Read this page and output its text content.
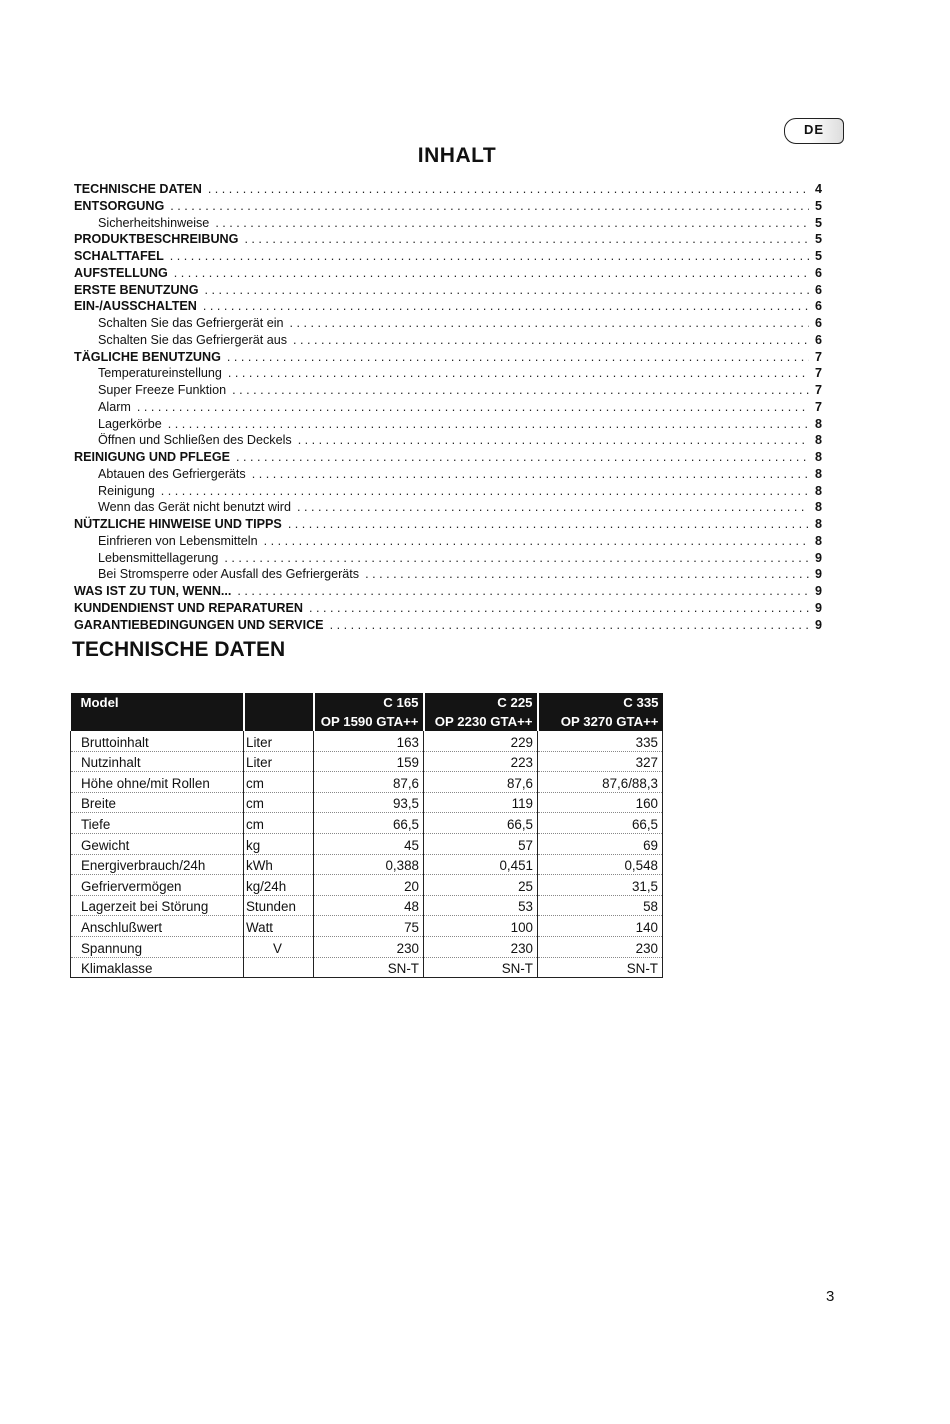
DE
INHALT
TECHNISCHE DATEN . . .	4
ENTSORGUNG . . .	5
Sicherheitshinweise . . .	5
PRODUKTBESCHREIBUNG . . .	5
SCHALTTAFEL . . .	5
AUFSTELLUNG . . .	6
ERSTE BENUTZUNG . . .	6
EIN-/AUSSCHALTEN . . .	6
Schalten Sie das Gefriergerät ein . . .	6
Schalten Sie das Gefriergerät aus . . .	6
TÄGLICHE BENUTZUNG . . .	7
Temperatureinstellung . . .	7
Super Freeze Funktion . . .	7
Alarm . . .	7
Lagerkörbe . . .	8
Öffnen und Schließen des Deckels . . .	8
REINIGUNG UND PFLEGE . . .	8
Abtauen des Gefriergeräts . . .	8
Reinigung . . .	8
Wenn das Gerät nicht benutzt wird . . .	8
NÜTZLICHE HINWEISE UND TIPPS . . .	8
Einfrieren von Lebensmitteln . . .	8
Lebensmittellagerung . . .	9
Bei Stromsperre oder Ausfall des Gefriergeräts . . .	9
WAS IST ZU TUN, WENN... . . .	9
KUNDENDIENST UND REPARATUREN . . .	9
GARANTIEBEDINGUNGEN UND SERVICE . . .	9
TECHNISCHE DATEN
Model		C 165	C 225	C 335
		OP 1590 GTA++	OP 2230 GTA++	OP 3270 GTA++
Bruttoinhalt	Liter	163	229	335
Nutzinhalt	Liter	159	223	327
Höhe ohne/mit Rollen	cm	87,6	87,6	87,6/88,3
Breite	cm	93,5	119	160
Tiefe	cm	66,5	66,5	66,5
Gewicht	kg	45	57	69
Energiverbrauch/24h	kWh	0,388	0,451	0,548
Gefriervermögen	kg/24h	20	25	31,5
Lagerzeit bei Störung	Stunden	48	53	58
Anschlußwert	Watt	75	100	140
Spannung	V	230	230	230
Klimaklasse		SN-T	SN-T	SN-T
3
